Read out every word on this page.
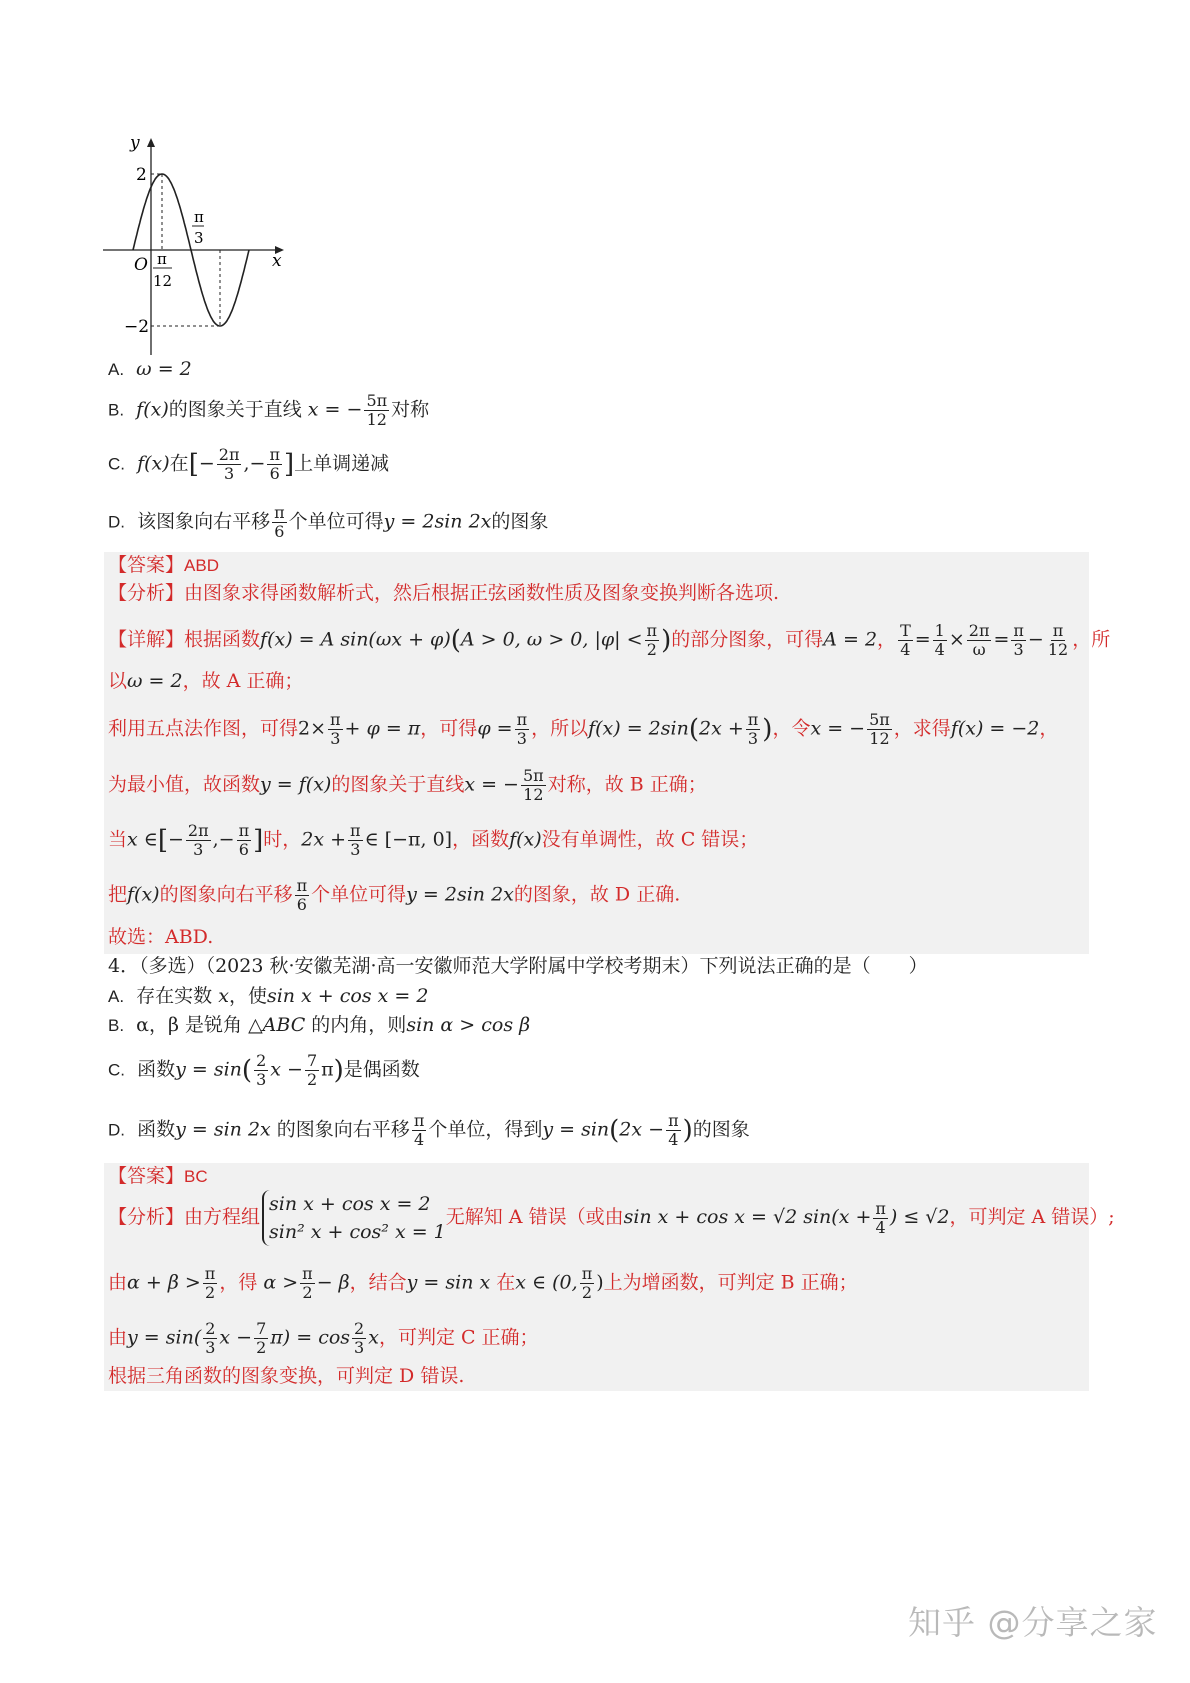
y
x
O
2
−2
π
12
π
3
A. ω = 2
B. f(x)的图象关于直线 x = − $\frac{5\pi}{12}$ 对称
C. f(x)在[− $\frac{2\pi}{3}$ ,− $\frac{\pi}{6}$ ]上单调递减
D. 该图象向右平移 $\frac{\pi}{6}$ 个单位可得y = 2sin 2x的图象
【答案】ABD
【分析】由图象求得函数解析式，然后根据正弦函数性质及图象变换判断各选项.
【详解】根据函数f(x) = A sin(ωx + φ)(A > 0, ω > 0, $|\varphi| < \frac{\pi}{2}$ )的部分图象，可得A = 2， $\frac{T}{4} = \frac{1}{4} \times \frac{2\pi}{\omega} = \frac{\pi}{3} - \frac{\pi}{12}$ ，所
以ω = 2，故 A 正确；
利用五点法作图，可得$2\times \frac{\pi}{3} + \varphi = \pi$，可得$\varphi = \frac{\pi}{3}$ ，所以$f(x) = 2\sin(2x + \frac{\pi}{3}$ )，令x = − $\frac{5\pi}{12}$ ，求得f(x) = −2，
为最小值，故函数y = f(x)的图象关于直线x = − $\frac{5\pi}{12}$ 对称，故 B 正确；
当x ∈[− $\frac{2\pi}{3}$ ,− $\frac{\pi}{6}$ ]时，$2x + \frac{\pi}{3}$ ∈ [−π, 0]，函数f(x)没有单调性，故 C 错误；
把f(x)的图象向右平移 $\frac{\pi}{6}$ 个单位可得y = 2sin 2x的图象，故 D 正确.
故选：ABD.
4．（多选）（2023 秋·安徽芜湖·高一安徽师范大学附属中学校考期末）下列说法正确的是（　　）
A. 存在实数 x，使sin x + cos x = 2
B. α，β 是锐角 △ABC 的内角，则sin α > cos β
C. 函数$y = \sin( \frac{2}{3}$ $x - \frac{7}{2} \pi$)是偶函数
D. 函数y = sin 2x 的图象向右平移 $\frac{\pi}{4}$ 个单位，得到$y = \sin(2x - \frac{\pi}{4}$ )的图象
【答案】BC
【分析】由方程组
sin x + cos x = 2
sin² x + cos² x = 1
无解知 A 错误（或由sin x + cos x = √2 $\sin(x + \frac{\pi}{4}$ ) ≤ √2，可判定 A 错误）;
由$\alpha + \beta > \frac{\pi}{2}$ ，得 $\alpha > \frac{\pi}{2} - \beta$，结合y = sin x 在x ∈ (0, $\frac{\pi}{2}$ )上为增函数，可判定 B 正确；
由$y = \sin( \frac{2}{3}$ $x - \frac{7}{2} \pi) = \cos \frac{2}{3}$ x，可判定 C 正确；
根据三角函数的图象变换，可判定 D 错误.
知乎 @分享之家
